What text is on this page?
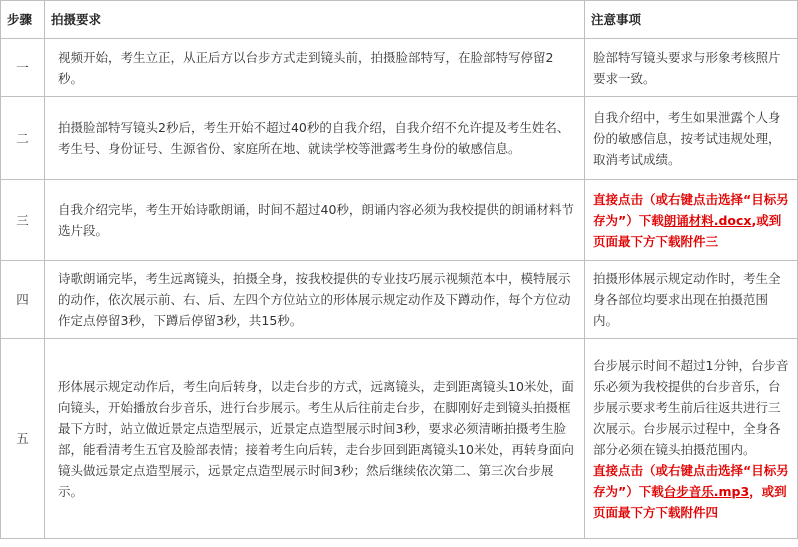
步骤	拍摄要求	注意事项
一	视频开始，考生立正，从正后方以台步方式走到镜头前，拍摄脸部特写，在脸部特写停留2秒。	脸部特写镜头要求与形象考核照片要求一致。
二	拍摄脸部特写镜头2秒后，考生开始不超过40秒的自我介绍，自我介绍不允许提及考生姓名、考生号、身份证号、生源省份、家庭所在地、就读学校等泄露考生身份的敏感信息。	自我介绍中，考生如果泄露个人身份的敏感信息，按考试违规处理，取消考试成绩。
三	自我介绍完毕，考生开始诗歌朗诵，时间不超过40秒，朗诵内容必须为我校提供的朗诵材料节选片段。	直接点击（或右键点击选择“目标另存为”）下载朗诵材料.docx,或到页面最下方下载附件三
四	诗歌朗诵完毕，考生远离镜头，拍摄全身，按我校提供的专业技巧展示视频范本中，模特展示的动作，依次展示前、右、后、左四个方位站立的形体展示规定动作及下蹲动作，每个方位动作定点停留3秒，下蹲后停留3秒，共15秒。	拍摄形体展示规定动作时，考生全身各部位均要求出现在拍摄范围内。
五	形体展示规定动作后，考生向后转身，以走台步的方式，远离镜头，走到距离镜头10米处，面向镜头，开始播放台步音乐，进行台步展示。考生从后往前走台步，在脚刚好走到镜头拍摄框最下方时，站立做近景定点造型展示，近景定点造型展示时间3秒，要求必须清晰拍摄考生脸部，能看清考生五官及脸部表情；接着考生向后转，走台步回到距离镜头10米处，再转身面向镜头做远景定点造型展示，远景定点造型展示时间3秒；然后继续依次第二、第三次台步展示。	台步展示时间不超过1分钟，台步音乐必须为我校提供的台步音乐，台步展示要求考生前后往返共进行三次展示。台步展示过程中，全身各部分必须在镜头拍摄范围内。

直接点击（或右键点击选择“目标另存为”）下载台步音乐.mp3，或到页面最下方下载附件四
